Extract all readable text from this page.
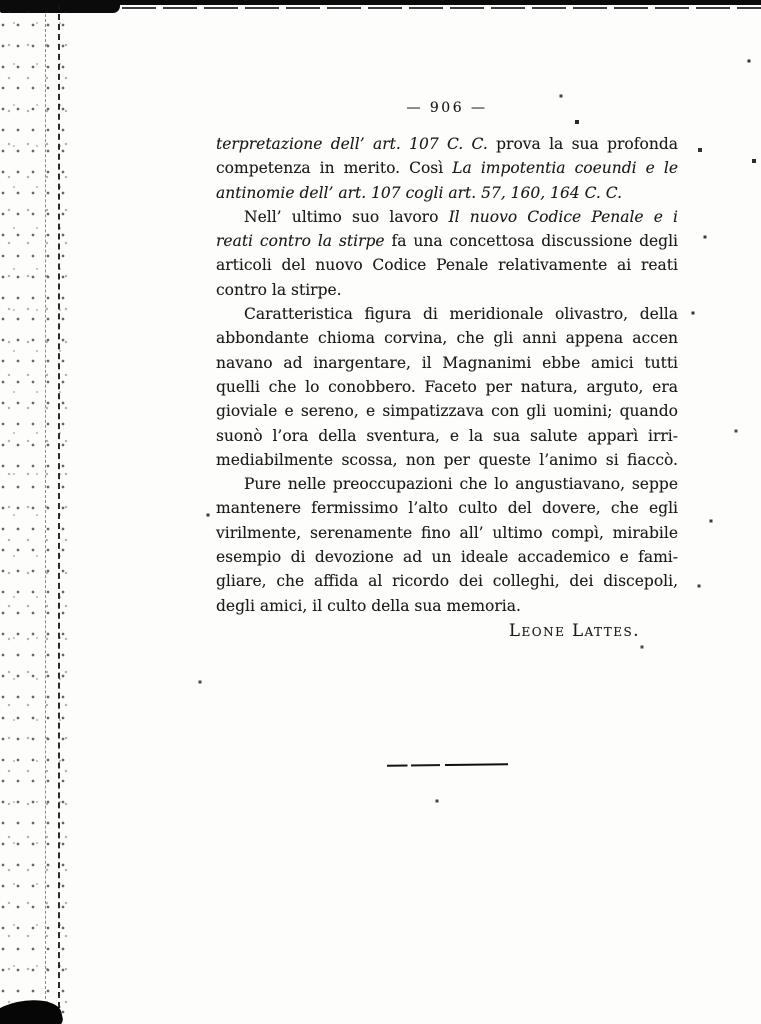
— 906 —
terpretazione dell’ art. 107 C. C. prova la sua profonda
competenza in merito. Così La impotentia coeundi e le
antinomie dell’ art. 107 cogli art. 57, 160, 164 C. C.
Nell’ ultimo suo lavoro Il nuovo Codice Penale e i
reati contro la stirpe fa una concettosa discussione degli
articoli del nuovo Codice Penale relativamente ai reati
contro la stirpe.
Caratteristica figura di meridionale olivastro, della
abbondante chioma corvina, che gli anni appena accen
navano ad inargentare, il Magnanimi ebbe amici tutti
quelli che lo conobbero. Faceto per natura, arguto, era
gioviale e sereno, e simpatizzava con gli uomini; quando
suonò l’ora della sventura, e la sua salute apparì irri-
mediabilmente scossa, non per queste l’animo si fiaccò.
Pure nelle preoccupazioni che lo angustiavano, seppe
mantenere fermissimo l’alto culto del dovere, che egli
virilmente, serenamente fino all’ ultimo compì, mirabile
esempio di devozione ad un ideale accademico e fami-
gliare, che affida al ricordo dei colleghi, dei discepoli,
degli amici, il culto della sua memoria.
Leone Lattes.
